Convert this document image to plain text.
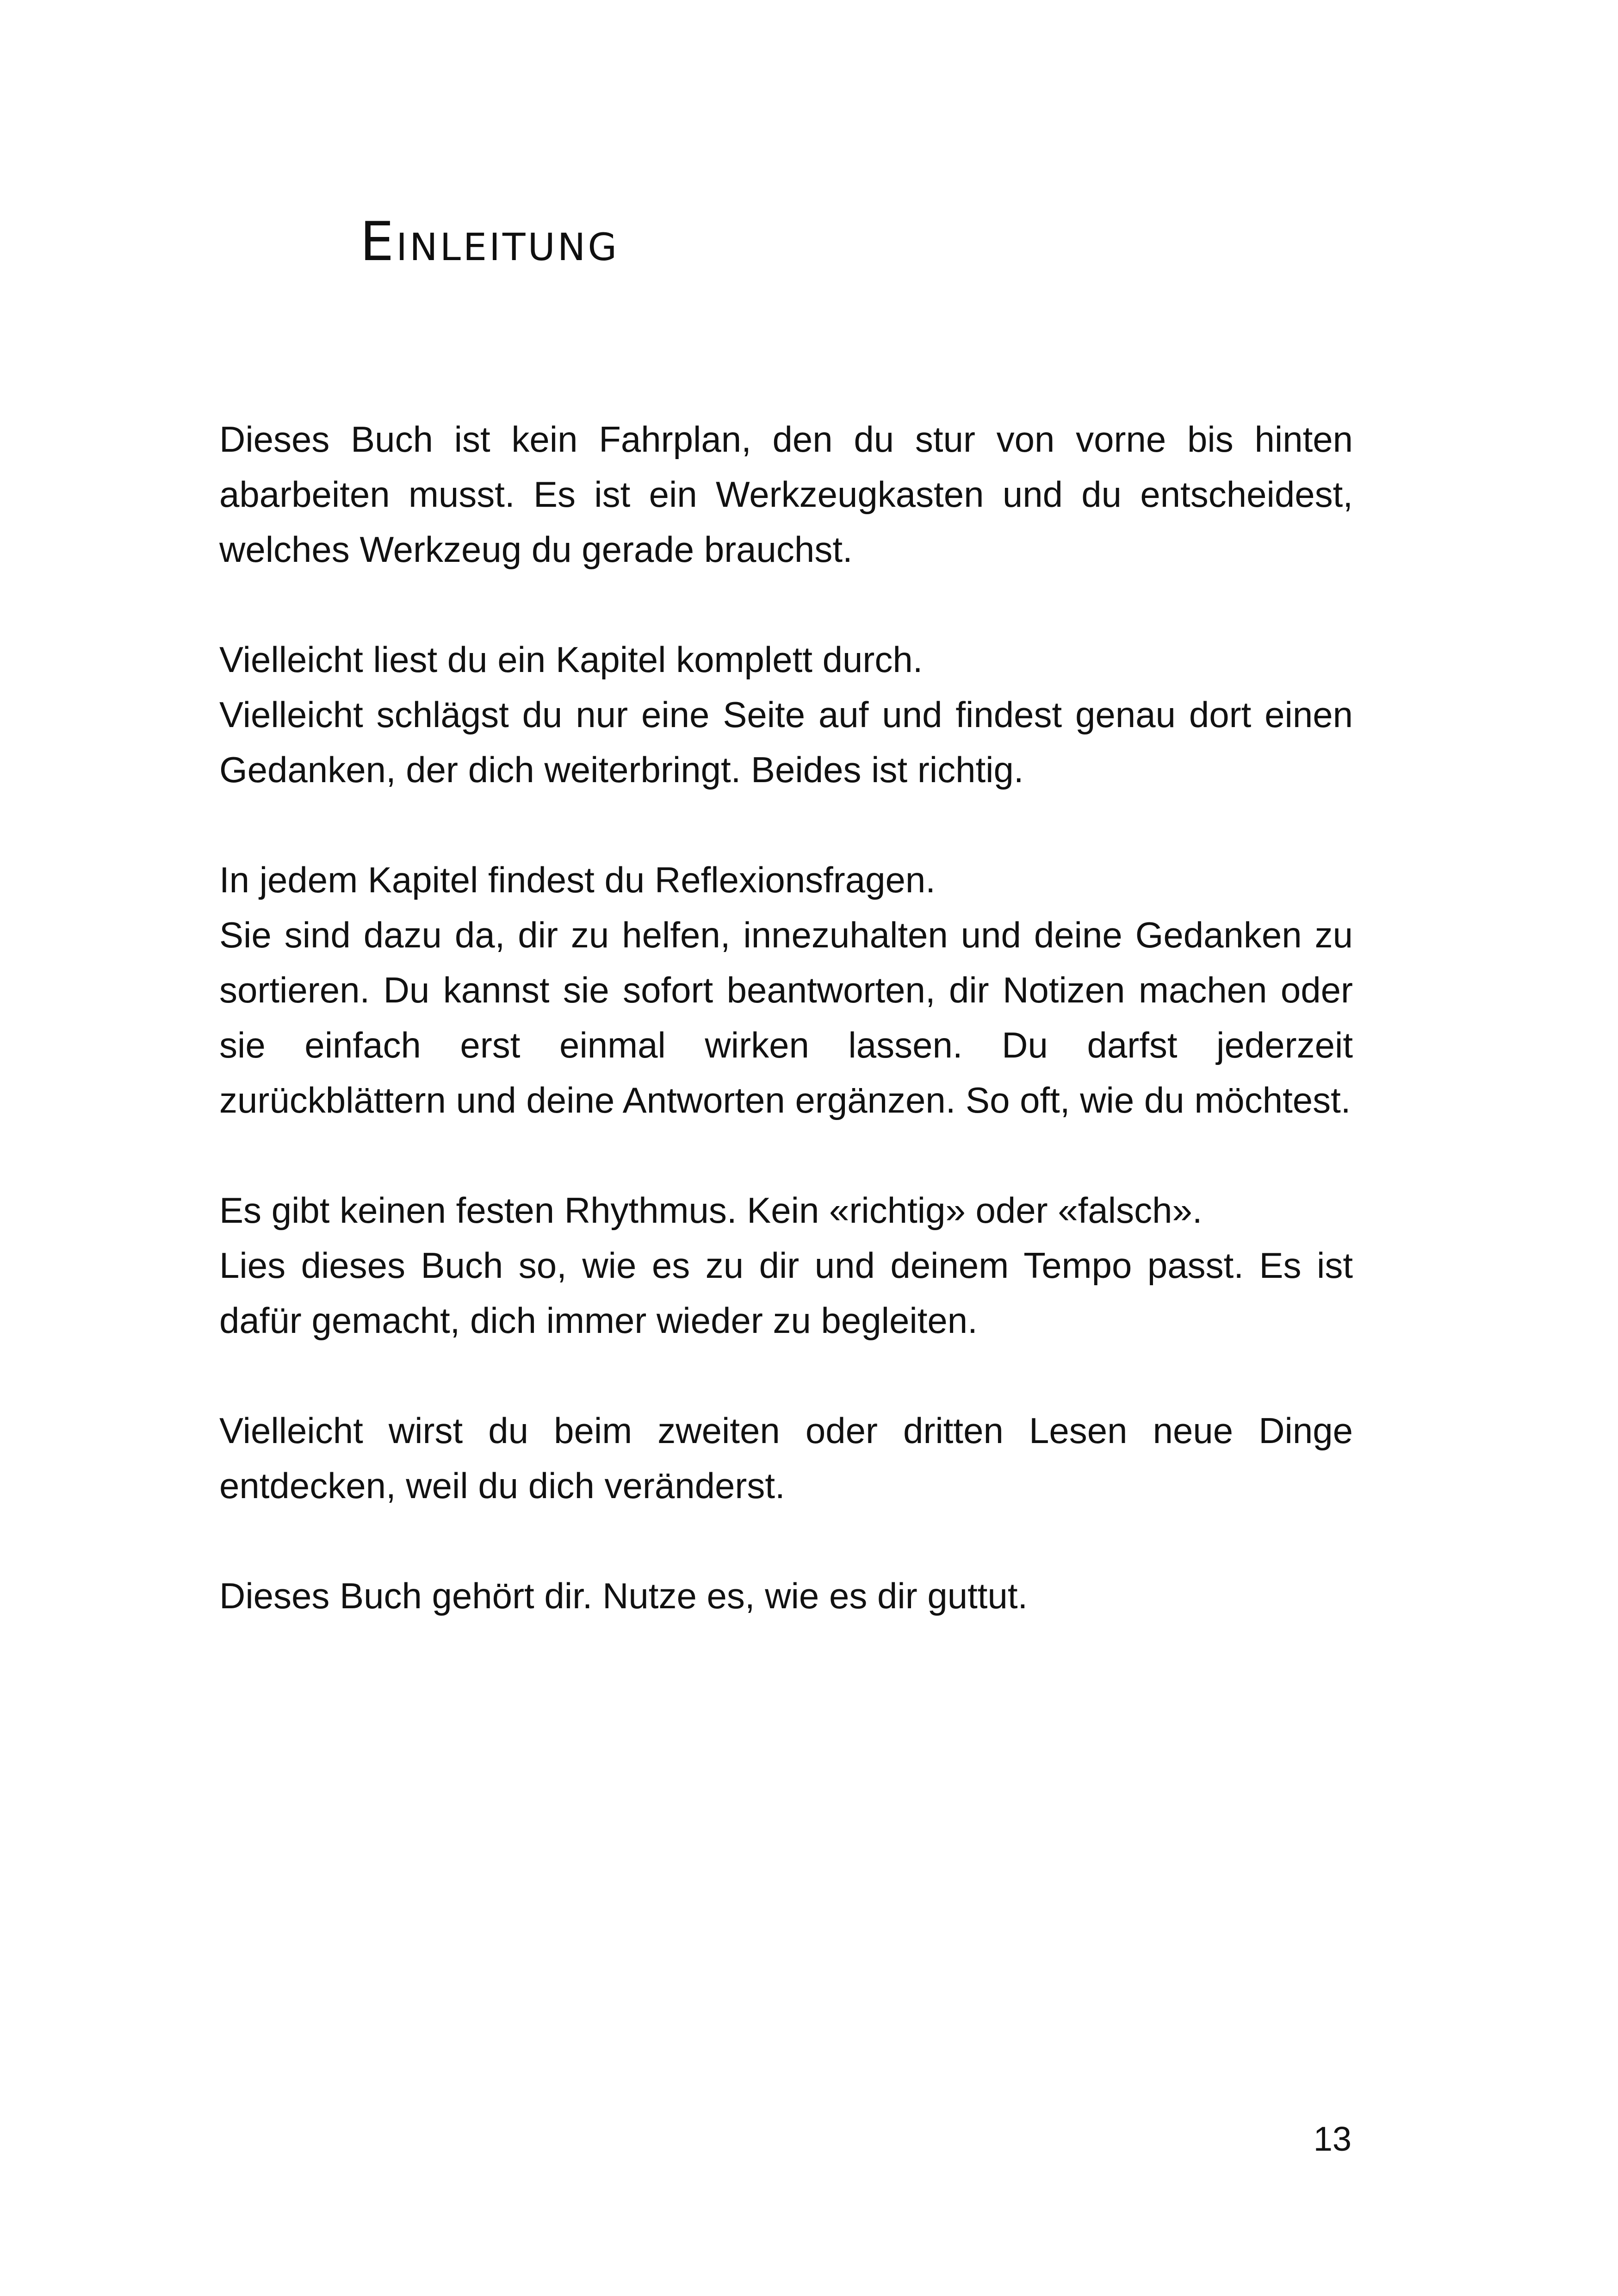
Einleitung

Dieses Buch ist kein Fahrplan, den du stur von vorne bis hinten abarbeiten musst. Es ist ein Werkzeugkasten und du entscheidest, welches Werkzeug du gerade brauchst.

Vielleicht liest du ein Kapitel komplett durch.
Vielleicht schlägst du nur eine Seite auf und findest genau dort einen Gedanken, der dich weiterbringt. Beides ist richtig.

In jedem Kapitel findest du Reflexionsfragen.
Sie sind dazu da, dir zu helfen, innezuhalten und deine Gedanken zu sortieren. Du kannst sie sofort beantworten, dir Notizen machen oder sie einfach erst einmal wirken lassen. Du darfst jederzeit zurückblättern und deine Antworten ergänzen. So oft, wie du möchtest.

Es gibt keinen festen Rhythmus. Kein «richtig» oder «falsch».
Lies dieses Buch so, wie es zu dir und deinem Tempo passt. Es ist dafür gemacht, dich immer wieder zu begleiten.

Vielleicht wirst du beim zweiten oder dritten Lesen neue Dinge entdecken, weil du dich veränderst.

Dieses Buch gehört dir. Nutze es, wie es dir guttut.

13
